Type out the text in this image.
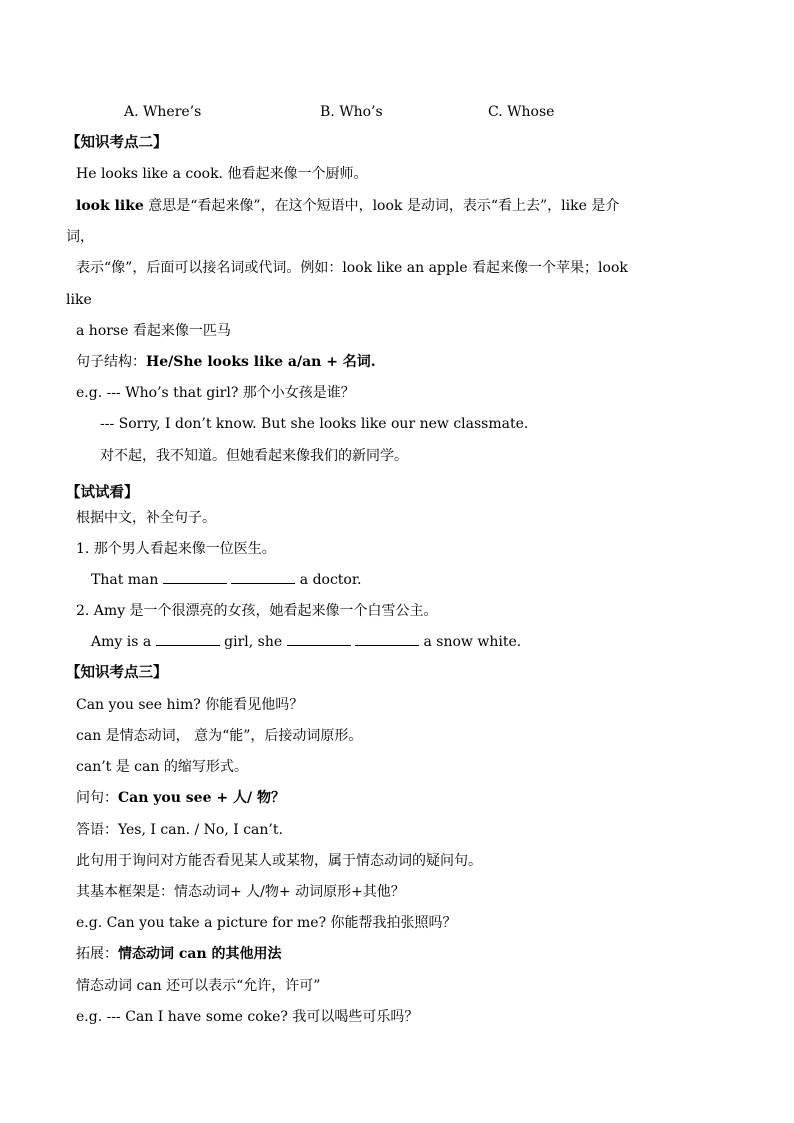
A. Where’s	B. Who’s	C. Whose
【知识考点二】
He looks like a cook. 他看起来像一个厨师。
look like 意思是“看起来像”，在这个短语中，look 是动词，表示“看上去”，like 是介
词，
表示“像”，后面可以接名词或代词。例如：look like an apple 看起来像一个苹果；look
like
a horse 看起来像一匹马
句子结构：He/She looks like a/an + 名词.
e.g. --- Who’s that girl? 那个小女孩是谁？
--- Sorry, I don’t know. But she looks like our new classmate.
对不起，我不知道。但她看起来像我们的新同学。
【试试看】
根据中文，补全句子。
1. 那个男人看起来像一位医生。
That man	a doctor.
2. Amy 是一个很漂亮的女孩，她看起来像一个白雪公主。
Amy is a	girl, she	a snow white.
【知识考点三】
Can you see him? 你能看见他吗？
can 是情态动词， 意为“能”，后接动词原形。
can’t 是 can 的缩写形式。
问句：Can you see + 人/ 物？
答语：Yes, I can. / No, I can’t.
此句用于询问对方能否看见某人或某物，属于情态动词的疑问句。
其基本框架是：情态动词+ 人/物+ 动词原形+其他？
e.g. Can you take a picture for me? 你能帮我拍张照吗？
拓展：情态动词 can 的其他用法
情态动词 can 还可以表示“允许，许可”
e.g. --- Can I have some coke? 我可以喝些可乐吗？
